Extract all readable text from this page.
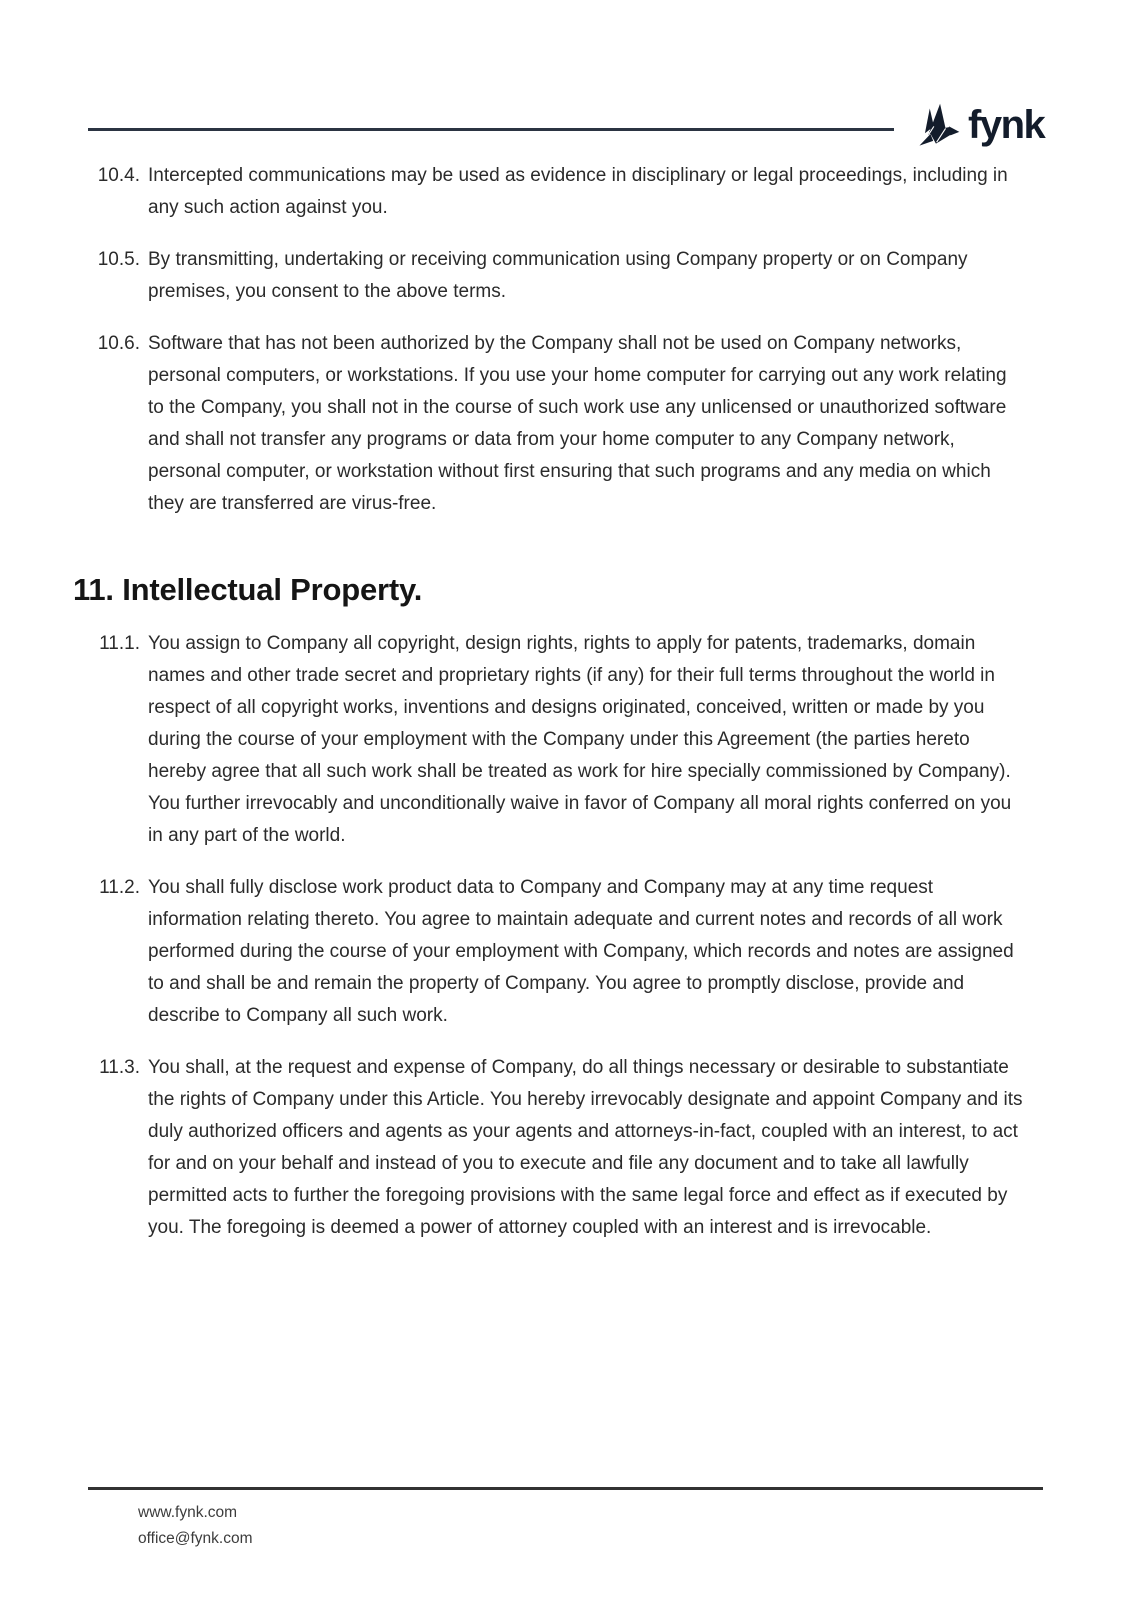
fynk
10.4. Intercepted communications may be used as evidence in disciplinary or legal proceedings, including in any such action against you.
10.5. By transmitting, undertaking or receiving communication using Company property or on Company premises, you consent to the above terms.
10.6. Software that has not been authorized by the Company shall not be used on Company networks, personal computers, or workstations. If you use your home computer for carrying out any work relating to the Company, you shall not in the course of such work use any unlicensed or unauthorized software and shall not transfer any programs or data from your home computer to any Company network, personal computer, or workstation without first ensuring that such programs and any media on which they are transferred are virus-free.
11. Intellectual Property.
11.1. You assign to Company all copyright, design rights, rights to apply for patents, trademarks, domain names and other trade secret and proprietary rights (if any) for their full terms throughout the world in respect of all copyright works, inventions and designs originated, conceived, written or made by you during the course of your employment with the Company under this Agreement (the parties hereto hereby agree that all such work shall be treated as work for hire specially commissioned by Company). You further irrevocably and unconditionally waive in favor of Company all moral rights conferred on you in any part of the world.
11.2. You shall fully disclose work product data to Company and Company may at any time request information relating thereto. You agree to maintain adequate and current notes and records of all work performed during the course of your employment with Company, which records and notes are assigned to and shall be and remain the property of Company. You agree to promptly disclose, provide and describe to Company all such work.
11.3. You shall, at the request and expense of Company, do all things necessary or desirable to substantiate the rights of Company under this Article. You hereby irrevocably designate and appoint Company and its duly authorized officers and agents as your agents and attorneys-in-fact, coupled with an interest, to act for and on your behalf and instead of you to execute and file any document and to take all lawfully permitted acts to further the foregoing provisions with the same legal force and effect as if executed by you. The foregoing is deemed a power of attorney coupled with an interest and is irrevocable.
www.fynk.com
office@fynk.com
